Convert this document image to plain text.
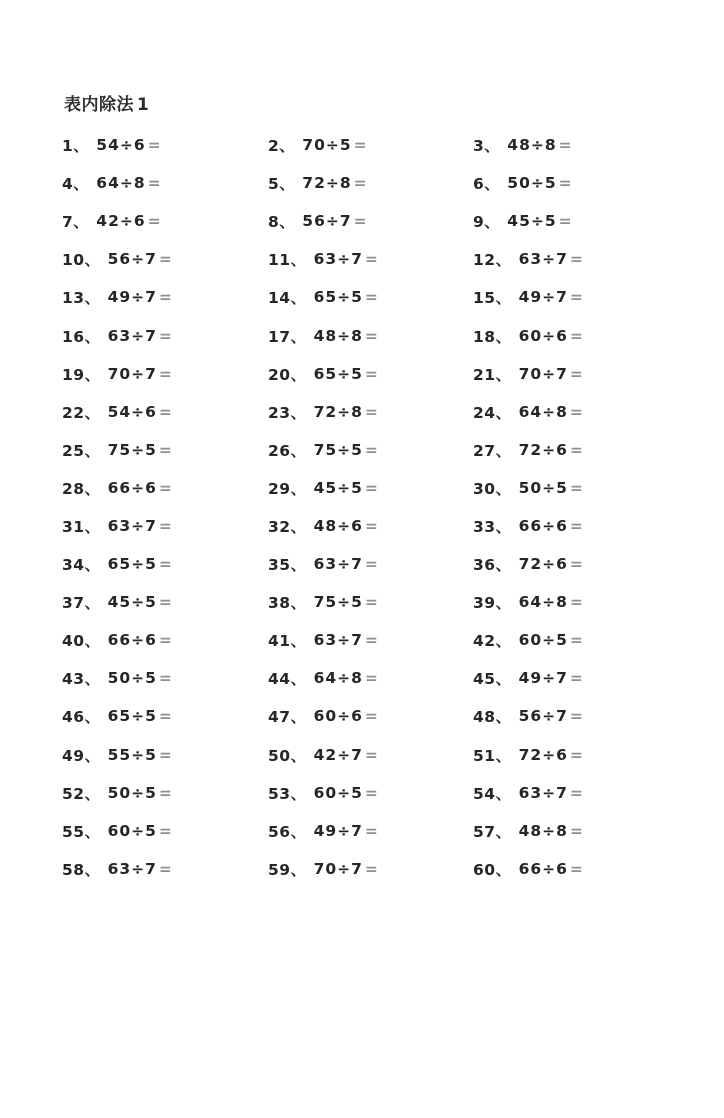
表内除法 1
1、 54÷6 =	2、 70÷5 =	3、 48÷8 =
4、 64÷8 =	5、 72÷8 =	6、 50÷5 =
7、 42÷6 =	8、 56÷7 =	9、 45÷5 =
10、 56÷7 =	11、 63÷7 =	12、 63÷7 =
13、 49÷7 =	14、 65÷5 =	15、 49÷7 =
16、 63÷7 =	17、 48÷8 =	18、 60÷6 =
19、 70÷7 =	20、 65÷5 =	21、 70÷7 =
22、 54÷6 =	23、 72÷8 =	24、 64÷8 =
25、 75÷5 =	26、 75÷5 =	27、 72÷6 =
28、 66÷6 =	29、 45÷5 =	30、 50÷5 =
31、 63÷7 =	32、 48÷6 =	33、 66÷6 =
34、 65÷5 =	35、 63÷7 =	36、 72÷6 =
37、 45÷5 =	38、 75÷5 =	39、 64÷8 =
40、 66÷6 =	41、 63÷7 =	42、 60÷5 =
43、 50÷5 =	44、 64÷8 =	45、 49÷7 =
46、 65÷5 =	47、 60÷6 =	48、 56÷7 =
49、 55÷5 =	50、 42÷7 =	51、 72÷6 =
52、 50÷5 =	53、 60÷5 =	54、 63÷7 =
55、 60÷5 =	56、 49÷7 =	57、 48÷8 =
58、 63÷7 =	59、 70÷7 =	60、 66÷6 =
